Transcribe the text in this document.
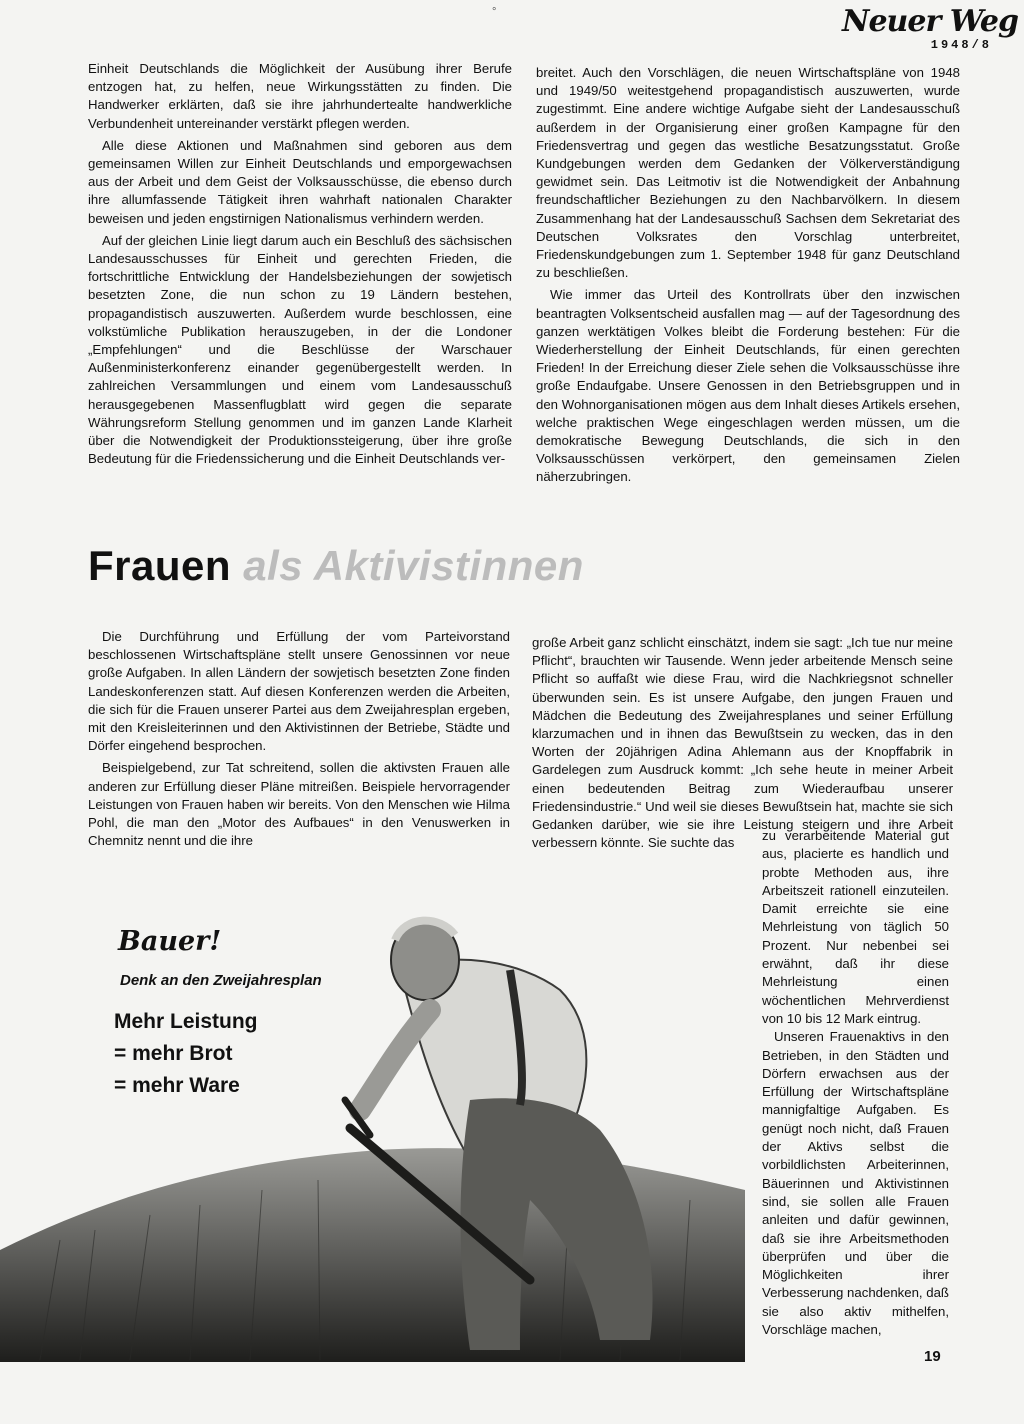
°	Neuer Weg
1948/8

Einheit Deutschlands die Möglichkeit der Ausübung ihrer Berufe entzogen hat, zu helfen, neue Wirkungsstätten zu finden. Die Handwerker erklärten, daß sie ihre jahrhundertealte handwerkliche Verbundenheit untereinander verstärkt pflegen werden.

Alle diese Aktionen und Maßnahmen sind geboren aus dem gemeinsamen Willen zur Einheit Deutschlands und emporgewachsen aus der Arbeit und dem Geist der Volksausschüsse, die ebenso durch ihre allumfassende Tätigkeit ihren wahrhaft nationalen Charakter beweisen und jeden engstirnigen Nationalismus verhindern werden.

Auf der gleichen Linie liegt darum auch ein Beschluß des sächsischen Landesausschusses für Einheit und gerechten Frieden, die fortschrittliche Entwicklung der Handelsbeziehungen der sowjetisch besetzten Zone, die nun schon zu 19 Ländern bestehen, propagandistisch auszuwerten. Außerdem wurde beschlossen, eine volkstümliche Publikation herauszugeben, in der die Londoner „Empfehlungen“ und die Beschlüsse der Warschauer Außenministerkonferenz einander gegenübergestellt werden. In zahlreichen Versammlungen und einem vom Landesausschuß herausgegebenen Massenflugblatt wird gegen die separate Währungsreform Stellung genommen und im ganzen Lande Klarheit über die Notwendigkeit der Produktionssteigerung, über ihre große Bedeutung für die Friedenssicherung und die Einheit Deutschlands ver-

breitet. Auch den Vorschlägen, die neuen Wirtschaftspläne von 1948 und 1949/50 weitestgehend propagandistisch auszuwerten, wurde zugestimmt. Eine andere wichtige Aufgabe sieht der Landesausschuß außerdem in der Organisierung einer großen Kampagne für den Friedensvertrag und gegen das westliche Besatzungsstatut. Große Kundgebungen werden dem Gedanken der Völkerverständigung gewidmet sein. Das Leitmotiv ist die Notwendigkeit der Anbahnung freundschaftlicher Beziehungen zu den Nachbarvölkern. In diesem Zusammenhang hat der Landesausschuß Sachsen dem Sekretariat des Deutschen Volksrates den Vorschlag unterbreitet, Friedenskundgebungen zum 1. September 1948 für ganz Deutschland zu beschließen.

Wie immer das Urteil des Kontrollrats über den inzwischen beantragten Volksentscheid ausfallen mag — auf der Tagesordnung des ganzen werktätigen Volkes bleibt die Forderung bestehen: Für die Wiederherstellung der Einheit Deutschlands, für einen gerechten Frieden! In der Erreichung dieser Ziele sehen die Volksausschüsse ihre große Endaufgabe. Unsere Genossen in den Betriebsgruppen und in den Wohnorganisationen mögen aus dem Inhalt dieses Artikels ersehen, welche praktischen Wege eingeschlagen werden müssen, um die demokratische Bewegung Deutschlands, die sich in den Volksausschüssen verkörpert, den gemeinsamen Zielen näherzubringen.

Frauen als Aktivistinnen

Die Durchführung und Erfüllung der vom Parteivorstand beschlossenen Wirtschaftspläne stellt unsere Genossinnen vor neue große Aufgaben. In allen Ländern der sowjetisch besetzten Zone finden Landeskonferenzen statt. Auf diesen Konferenzen werden die Arbeiten, die sich für die Frauen unserer Partei aus dem Zweijahresplan ergeben, mit den Kreisleiterinnen und den Aktivistinnen der Betriebe, Städte und Dörfer eingehend besprochen.

Beispielgebend, zur Tat schreitend, sollen die aktivsten Frauen alle anderen zur Erfüllung dieser Pläne mitreißen. Beispiele hervorragender Leistungen von Frauen haben wir bereits. Von den Menschen wie Hilma Pohl, die man den „Motor des Aufbaues“ in den Venuswerken in Chemnitz nennt und die ihre

große Arbeit ganz schlicht einschätzt, indem sie sagt: „Ich tue nur meine Pflicht“, brauchten wir Tausende. Wenn jeder arbeitende Mensch seine Pflicht so auffaßt wie diese Frau, wird die Nachkriegsnot schneller überwunden sein. Es ist unsere Aufgabe, den jungen Frauen und Mädchen die Bedeutung des Zweijahresplanes und seiner Erfüllung klarzumachen und in ihnen das Bewußtsein zu wecken, das in den Worten der 20jährigen Adina Ahlemann aus der Knopffabrik in Gardelegen zum Ausdruck kommt: „Ich sehe heute in meiner Arbeit einen bedeutenden Beitrag zum Wiederaufbau unserer Friedensindustrie.“ Und weil sie dieses Bewußtsein hat, machte sie sich Gedanken darüber, wie sie ihre Leistung steigern und ihre Arbeit verbessern könnte. Sie suchte das

Bauer!
Denk an den Zweijahresplan
Mehr Leistung
= mehr Brot
= mehr Ware

zu verarbeitende Material gut aus, placierte es handlich und probte Methoden aus, ihre Arbeitszeit rationell einzuteilen. Damit erreichte sie eine Mehrleistung von täglich 50 Prozent. Nur nebenbei sei erwähnt, daß ihr diese Mehrleistung einen wöchentlichen Mehrverdienst von 10 bis 12 Mark eintrug.

Unseren Frauenaktivs in den Betrieben, in den Städten und Dörfern erwachsen aus der Erfüllung der Wirtschaftspläne mannigfaltige Aufgaben. Es genügt noch nicht, daß Frauen der Aktivs selbst die vorbildlichsten Arbeiterinnen, Bäuerinnen und Aktivistinnen sind, sie sollen alle Frauen anleiten und dafür gewinnen, daß sie ihre Arbeitsmethoden überprüfen und über die Möglichkeiten ihrer Verbesserung nachdenken, daß sie also aktiv mithelfen, Vorschläge machen,

19
